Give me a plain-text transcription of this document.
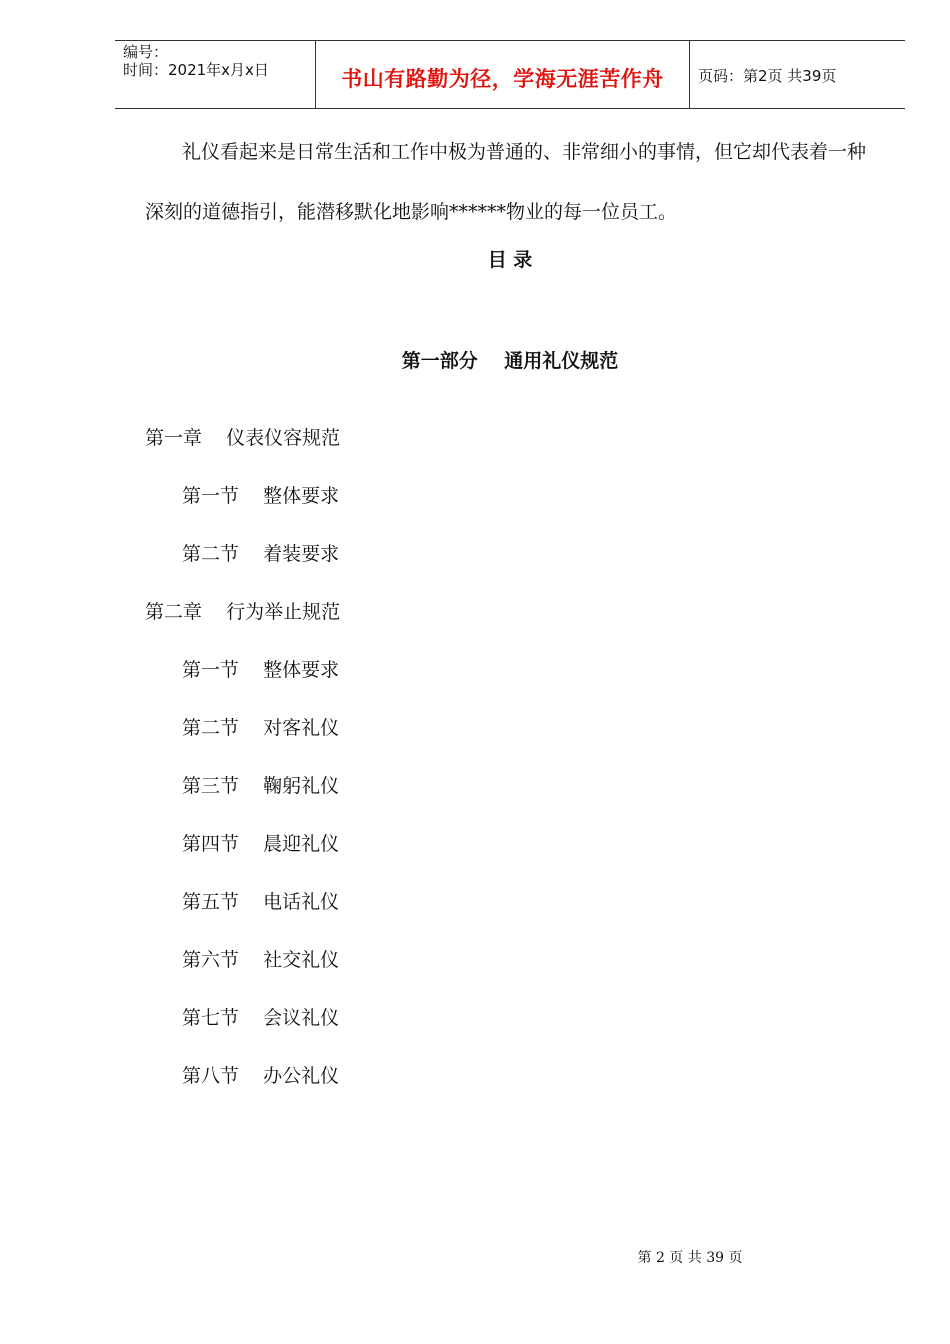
编号：
时间：2021年x月x日	书山有路勤为径，学海无涯苦作舟	页码：第2页 共39页
礼仪看起来是日常生活和工作中极为普通的、非常细小的事情，但它却代表着一种
深刻的道德指引，能潜移默化地影响******物业的每一位员工。
目 录
第一部分    通用礼仪规范
第一章    仪表仪容规范
第一节    整体要求
第二节    着装要求
第二章    行为举止规范
第一节    整体要求
第二节    对客礼仪
第三节    鞠躬礼仪
第四节    晨迎礼仪
第五节    电话礼仪
第六节    社交礼仪
第七节    会议礼仪
第八节    办公礼仪
第 2 页 共 39 页
